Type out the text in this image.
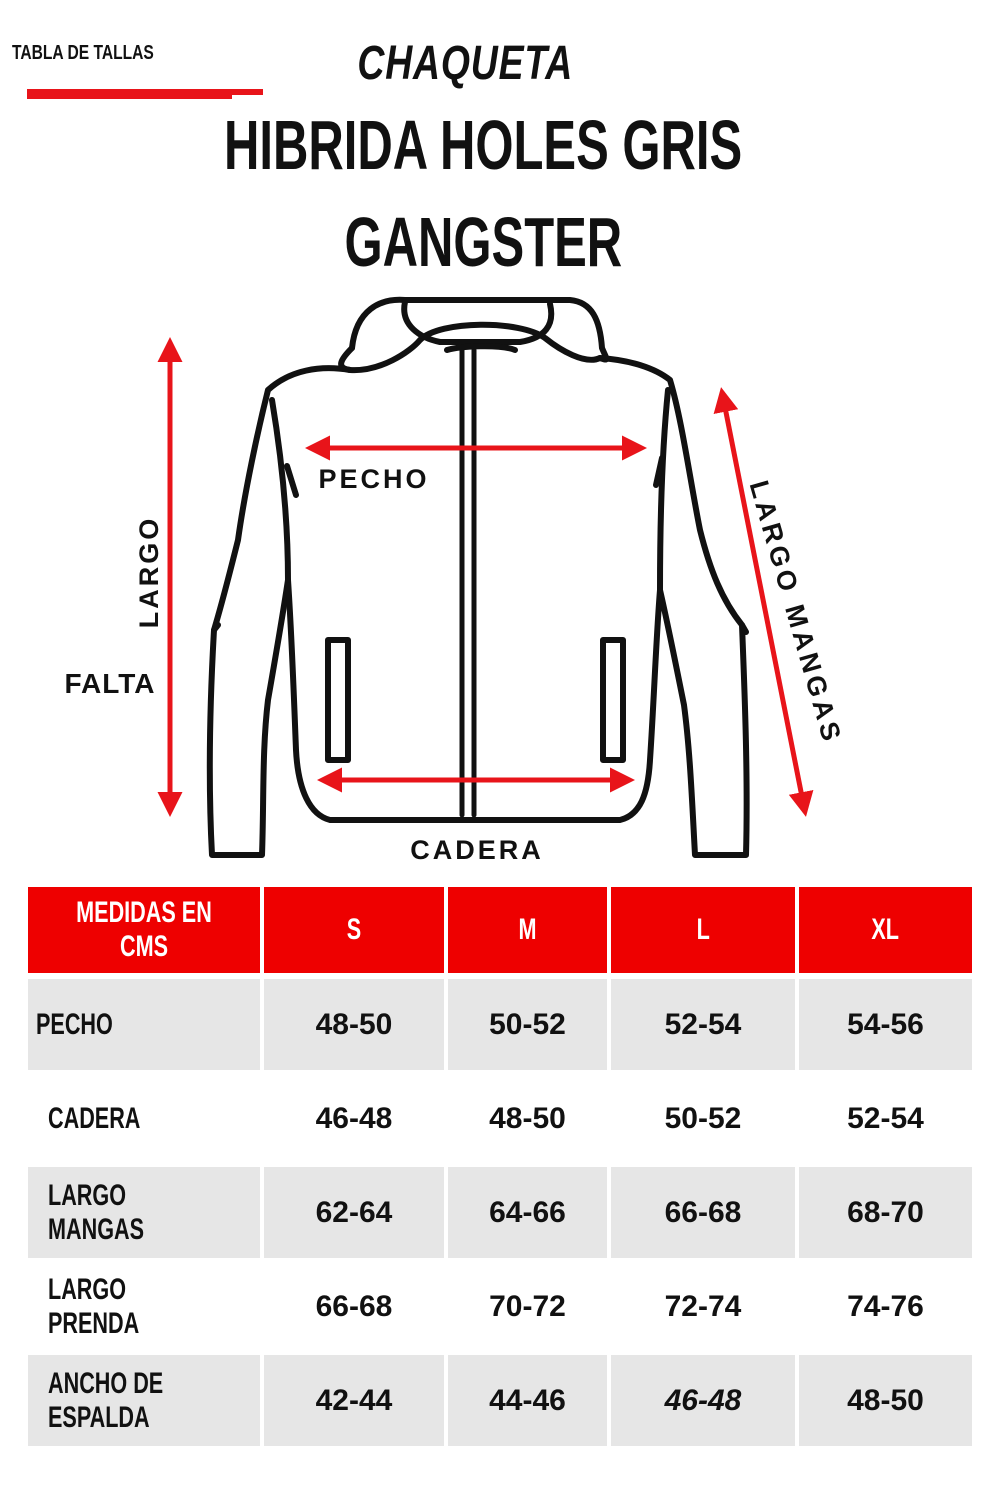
TABLA DE TALLAS	CHAQUETA
HIBRIDA HOLES GRIS
GANGSTER
PECHO
CADERA
LARGO
FALTA	LARGO MANGAS
MEDIDAS EN CMS	S	M	L	XL
PECHO	48-50	50-52	52-54	54-56
CADERA	46-48	48-50	50-52	52-54
LARGO MANGAS	62-64	64-66	66-68	68-70
LARGO PRENDA	66-68	70-72	72-74	74-76
ANCHO DE ESPALDA	42-44	44-46	46-48	48-50
